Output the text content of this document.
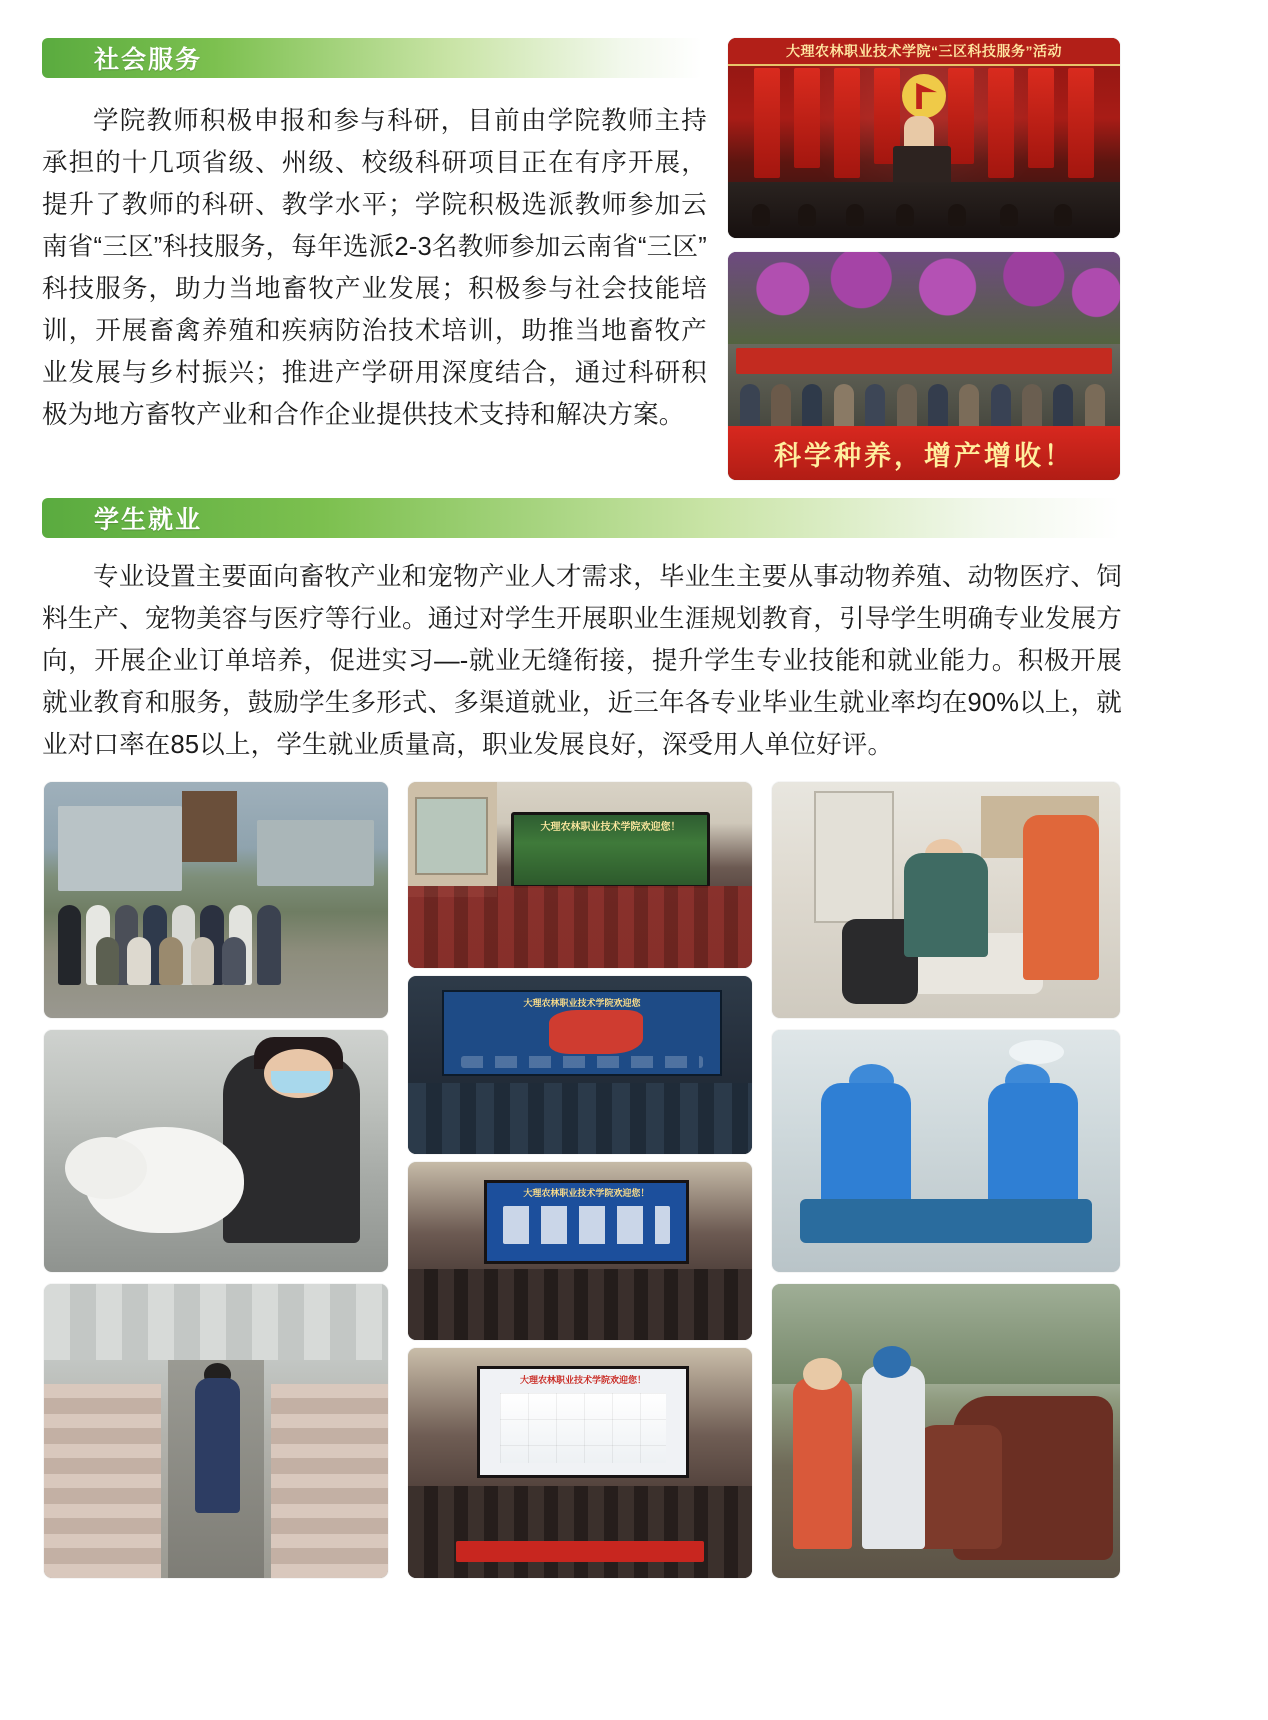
社会服务
学院教师积极申报和参与科研，目前由学院教师主持承担的十几项省级、州级、校级科研项目正在有序开展，提升了教师的科研、教学水平；学院积极选派教师参加云南省“三区”科技服务，每年选派2-3名教师参加云南省“三区”科技服务，助力当地畜牧产业发展；积极参与社会技能培训，开展畜禽养殖和疾病防治技术培训，助推当地畜牧产业发展与乡村振兴；推进产学研用深度结合，通过科研积极为地方畜牧产业和合作企业提供技术支持和解决方案。
大理农林职业技术学院“三区科技服务”活动
科学种养，增产增收！
学生就业
专业设置主要面向畜牧产业和宠物产业人才需求，毕业生主要从事动物养殖、动物医疗、饲料生产、宠物美容与医疗等行业。通过对学生开展职业生涯规划教育，引导学生明确专业发展方向，开展企业订单培养，促进实习—-就业无缝衔接，提升学生专业技能和就业能力。积极开展就业教育和服务，鼓励学生多形式、多渠道就业，近三年各专业毕业生就业率均在90%以上，就业对口率在85以上，学生就业质量高，职业发展良好，深受用人单位好评。
大理农林职业技术学院欢迎您！
大理农林职业技术学院欢迎您
大理农林职业技术学院欢迎您！
大理农林职业技术学院欢迎您！
